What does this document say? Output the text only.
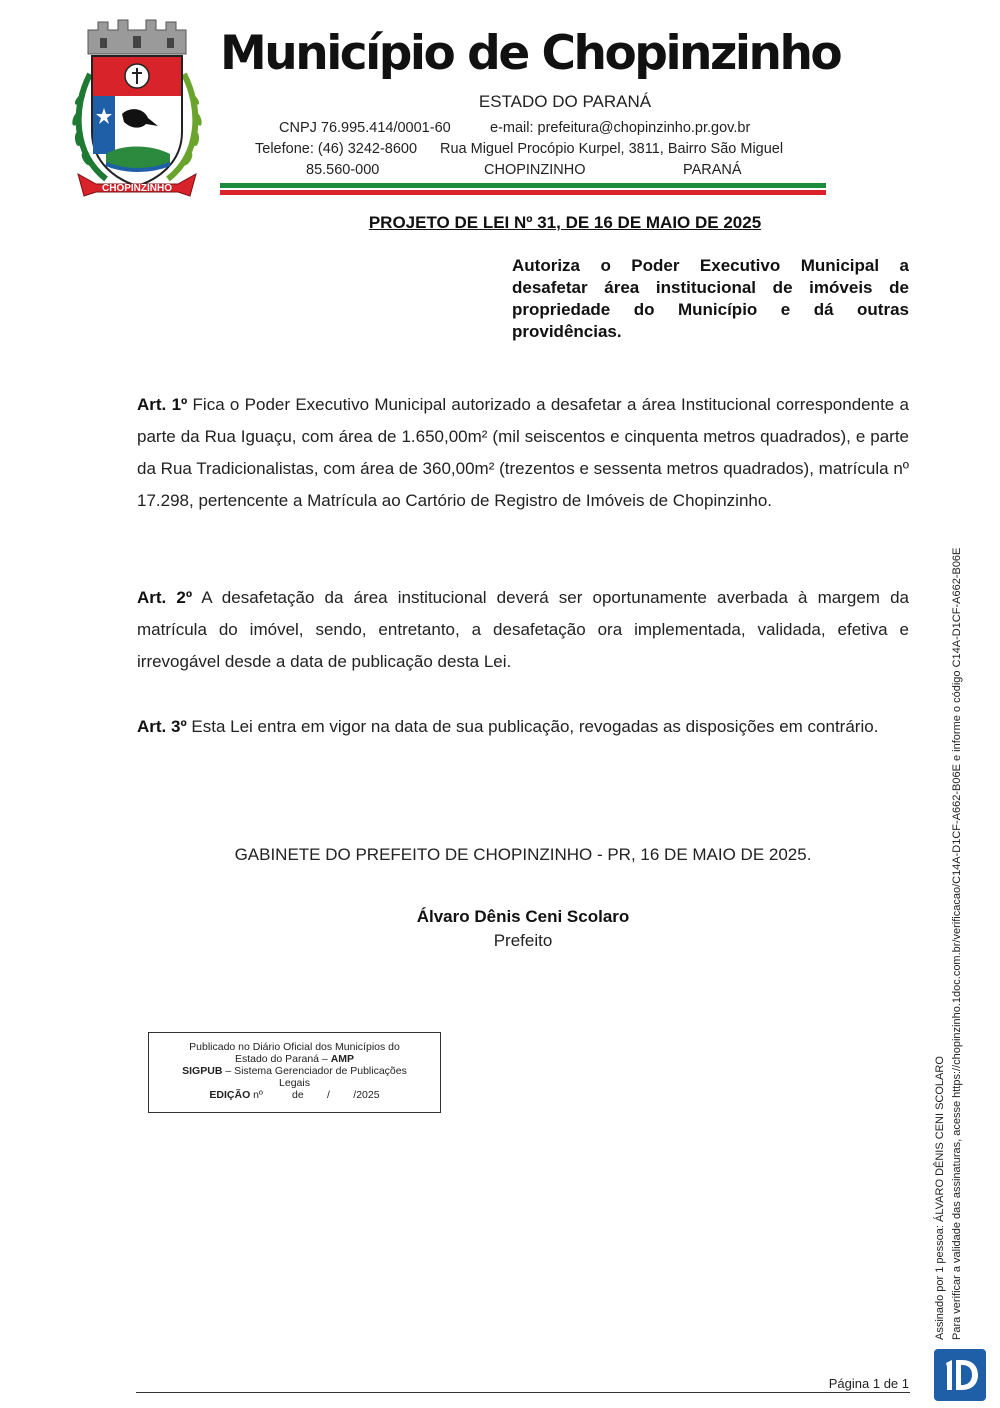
CHOPINZINHO
Município de Chopinzinho
ESTADO DO PARANÁ
CNPJ 76.995.414/0001-60	e-mail: prefeitura@chopinzinho.pr.gov.br
Telefone: (46) 3242-8600 Rua Miguel Procópio Kurpel, 3811, Bairro São Miguel
85.560-000	CHOPINZINHO	PARANÁ
PROJETO DE LEI Nº 31, DE 16 DE MAIO DE 2025
Autoriza o Poder Executivo Municipal a desafetar área institucional de imóveis de propriedade do Município e dá outras providências.
Art. 1º Fica o Poder Executivo Municipal autorizado a desafetar a área Institucional correspondente a parte da Rua Iguaçu, com área de 1.650,00m² (mil seiscentos e cinquenta metros quadrados), e parte da Rua Tradicionalistas, com área de 360,00m² (trezentos e sessenta metros quadrados), matrícula nº 17.298, pertencente a Matrícula ao Cartório de Registro de Imóveis de Chopinzinho.
Art. 2º A desafetação da área institucional deverá ser oportunamente averbada à margem da matrícula do imóvel, sendo, entretanto, a desafetação ora implementada, validada, efetiva e irrevogável desde a data de publicação desta Lei.
Art. 3º Esta Lei entra em vigor na data de sua publicação, revogadas as disposições em contrário.
GABINETE DO PREFEITO DE CHOPINZINHO - PR, 16 DE MAIO DE 2025.
Álvaro Dênis Ceni Scolaro
Prefeito
Publicado no Diário Oficial dos Municípios do
Estado do Paraná – AMP
SIGPUB – Sistema Gerenciador de Publicações
Legais
EDIÇÃO nº          de        /        /2025	Assinado por 1 pessoa: ÁLVARO DÊNIS CENI SCOLARO Para verificar a validade das assinaturas, acesse https://chopinzinho.1doc.com.br/verificacao/C14A-D1CF-A662-B06E e informe o código C14A-D1CF-A662-B06E
Página 1 de 1
